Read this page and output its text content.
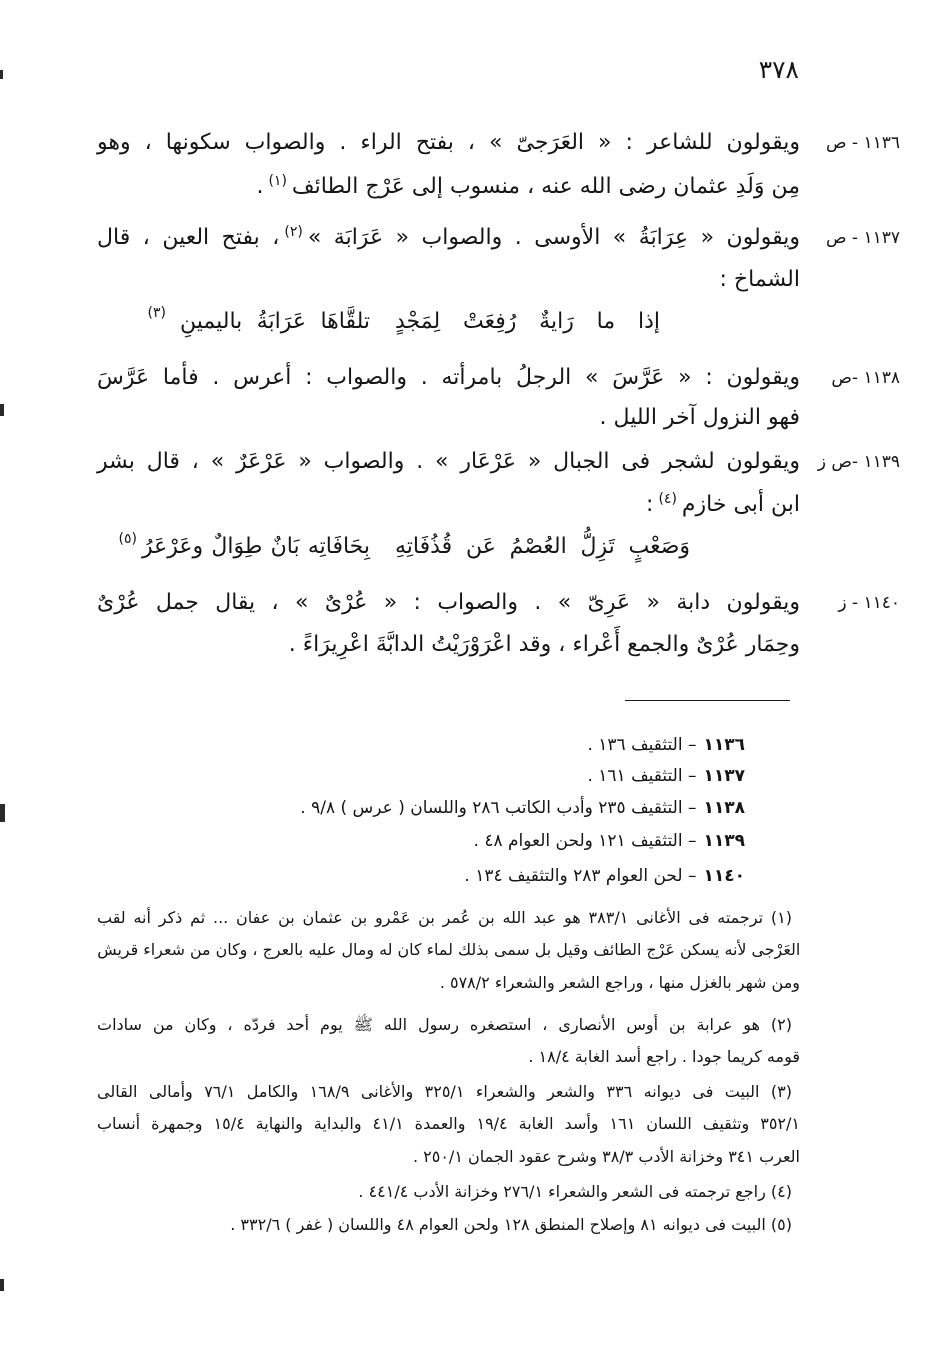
٣٧٨
١١٣٦ - ص
ويقولون للشاعر : « العَرَجىّ » ، بفتح الراء . والصواب سكونها ، وهو
مِن وَلَدِ عثمان رضى الله عنه ، منسوب إلى عَرْج الطائف$^{(١)}$.
١١٣٧ - ص
ويقولون « عِرَابَةُ » الأوسى . والصواب « عَرَابَة »$^{(٢)}$، بفتح العين ، قال
الشماخ :
إذا ما رَايةٌ رُفِعَتْ لِمَجْدٍ
تلقَّاهَا عَرَابَةُ باليمينِ
(٣)
١١٣٨ -ص
ويقولون : « عَرَّسَ » الرجلُ بامرأته . والصواب : أعرس . فأما عَرَّسَ
فهو النزول آخر الليل .
١١٣٩ -ص ز
ويقولون لشجر فى الجبال « عَرْعَار » . والصواب « عَرْعَرٌ » ، قال بشر
ابن أبى خازم$^{(٤)}$:
وَصَعْبٍ تَزِلُّ العُصْمُ عَن قُذُفَاتِهِ
بِحَافَاتِه بَانٌ طِوَالٌ وعَرْعَرُ
(٥)
١١٤٠ - ز
ويقولون دابة « عَرِىّ » . والصواب : « عُرْىٌ » ، يقال جمل عُرْىٌ
وحِمَار عُرْىٌ والجمع أَعْراء ، وقد اعْرَوْرَيْتُ الدابَّةَ اعْرِيرَاءً .
١١٣٦– التثقيف ١٣٦ .
١١٣٧– التثقيف ١٦١ .
١١٣٨– التثقيف ٢٣٥ وأدب الكاتب ٢٨٦ واللسان ( عرس ) ٩/٨ .
١١٣٩– التثقيف ١٢١ ولحن العوام ٤٨ .
١١٤٠– لحن العوام ٢٨٣ والتثقيف ١٣٤ .
(١) ترجمته فى الأغانى ٣٨٣/١ هو عبد الله بن عُمر بن عَمْرو بن عثمان بن عفان ... ثم ذكر أنه لقب
العَرْجى لأنه يسكن عَرْج الطائف وقيل بل سمى بذلك لماء كان له ومال عليه بالعرج ، وكان من شعراء قريش
ومن شهر بالغزل منها ، وراجع الشعر والشعراء ٥٧٨/٢ .
(٢) هو عرابة بن أوس الأنصارى ، استصغره رسول الله ﷺ يوم أحد فردّه ، وكان من سادات
قومه كريما جودا . راجع أسد الغابة ١٨/٤ .
(٣) البيت فى ديوانه ٣٣٦ والشعر والشعراء ٣٢٥/١ والأغانى ١٦٨/٩ والكامل ٧٦/١ وأمالى القالى
٣٥٢/١ وتثقيف اللسان ١٦١ وأسد الغابة ١٩/٤ والعمدة ٤١/١ والبداية والنهاية ١٥/٤ وجمهرة أنساب
العرب ٣٤١ وخزانة الأدب ٣٨/٣ وشرح عقود الجمان ٢٥٠/١ .
(٤) راجع ترجمته فى الشعر والشعراء ٢٧٦/١ وخزانة الأدب ٤٤١/٤ .
(٥) البيت فى ديوانه ٨١ وإصلاح المنطق ١٢٨ ولحن العوام ٤٨ واللسان ( غفر ) ٣٣٢/٦ .
